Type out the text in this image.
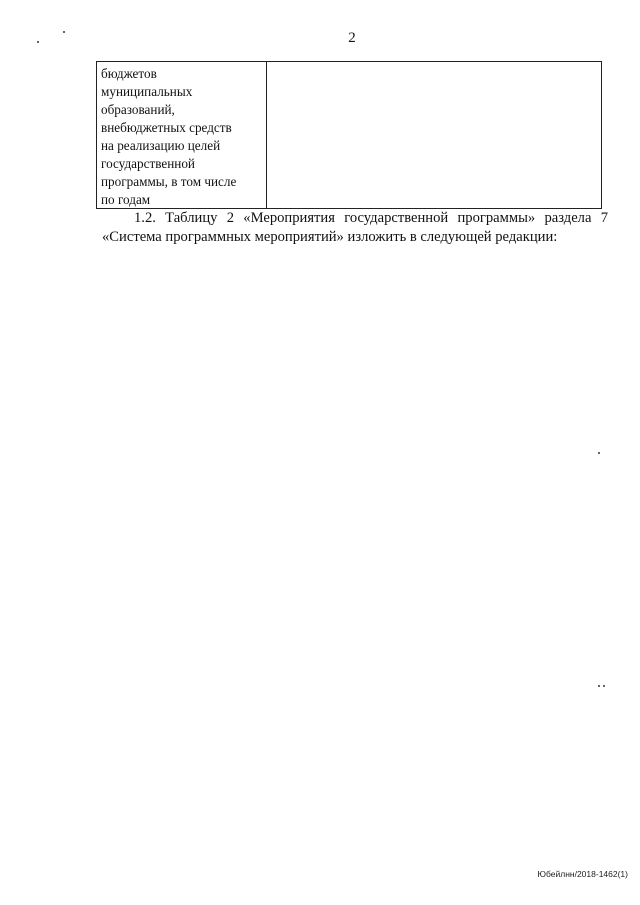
2
бюджетов
муниципальных
образований,
внебюджетных средств
на реализацию целей
государственной
программы, в том числе
по годам
1.2. Таблицу 2 «Мероприятия государственной программы» раздела 7
«Система программных мероприятий» изложить в следующей редакции:
Юбейлнн/2018-1462(1)
